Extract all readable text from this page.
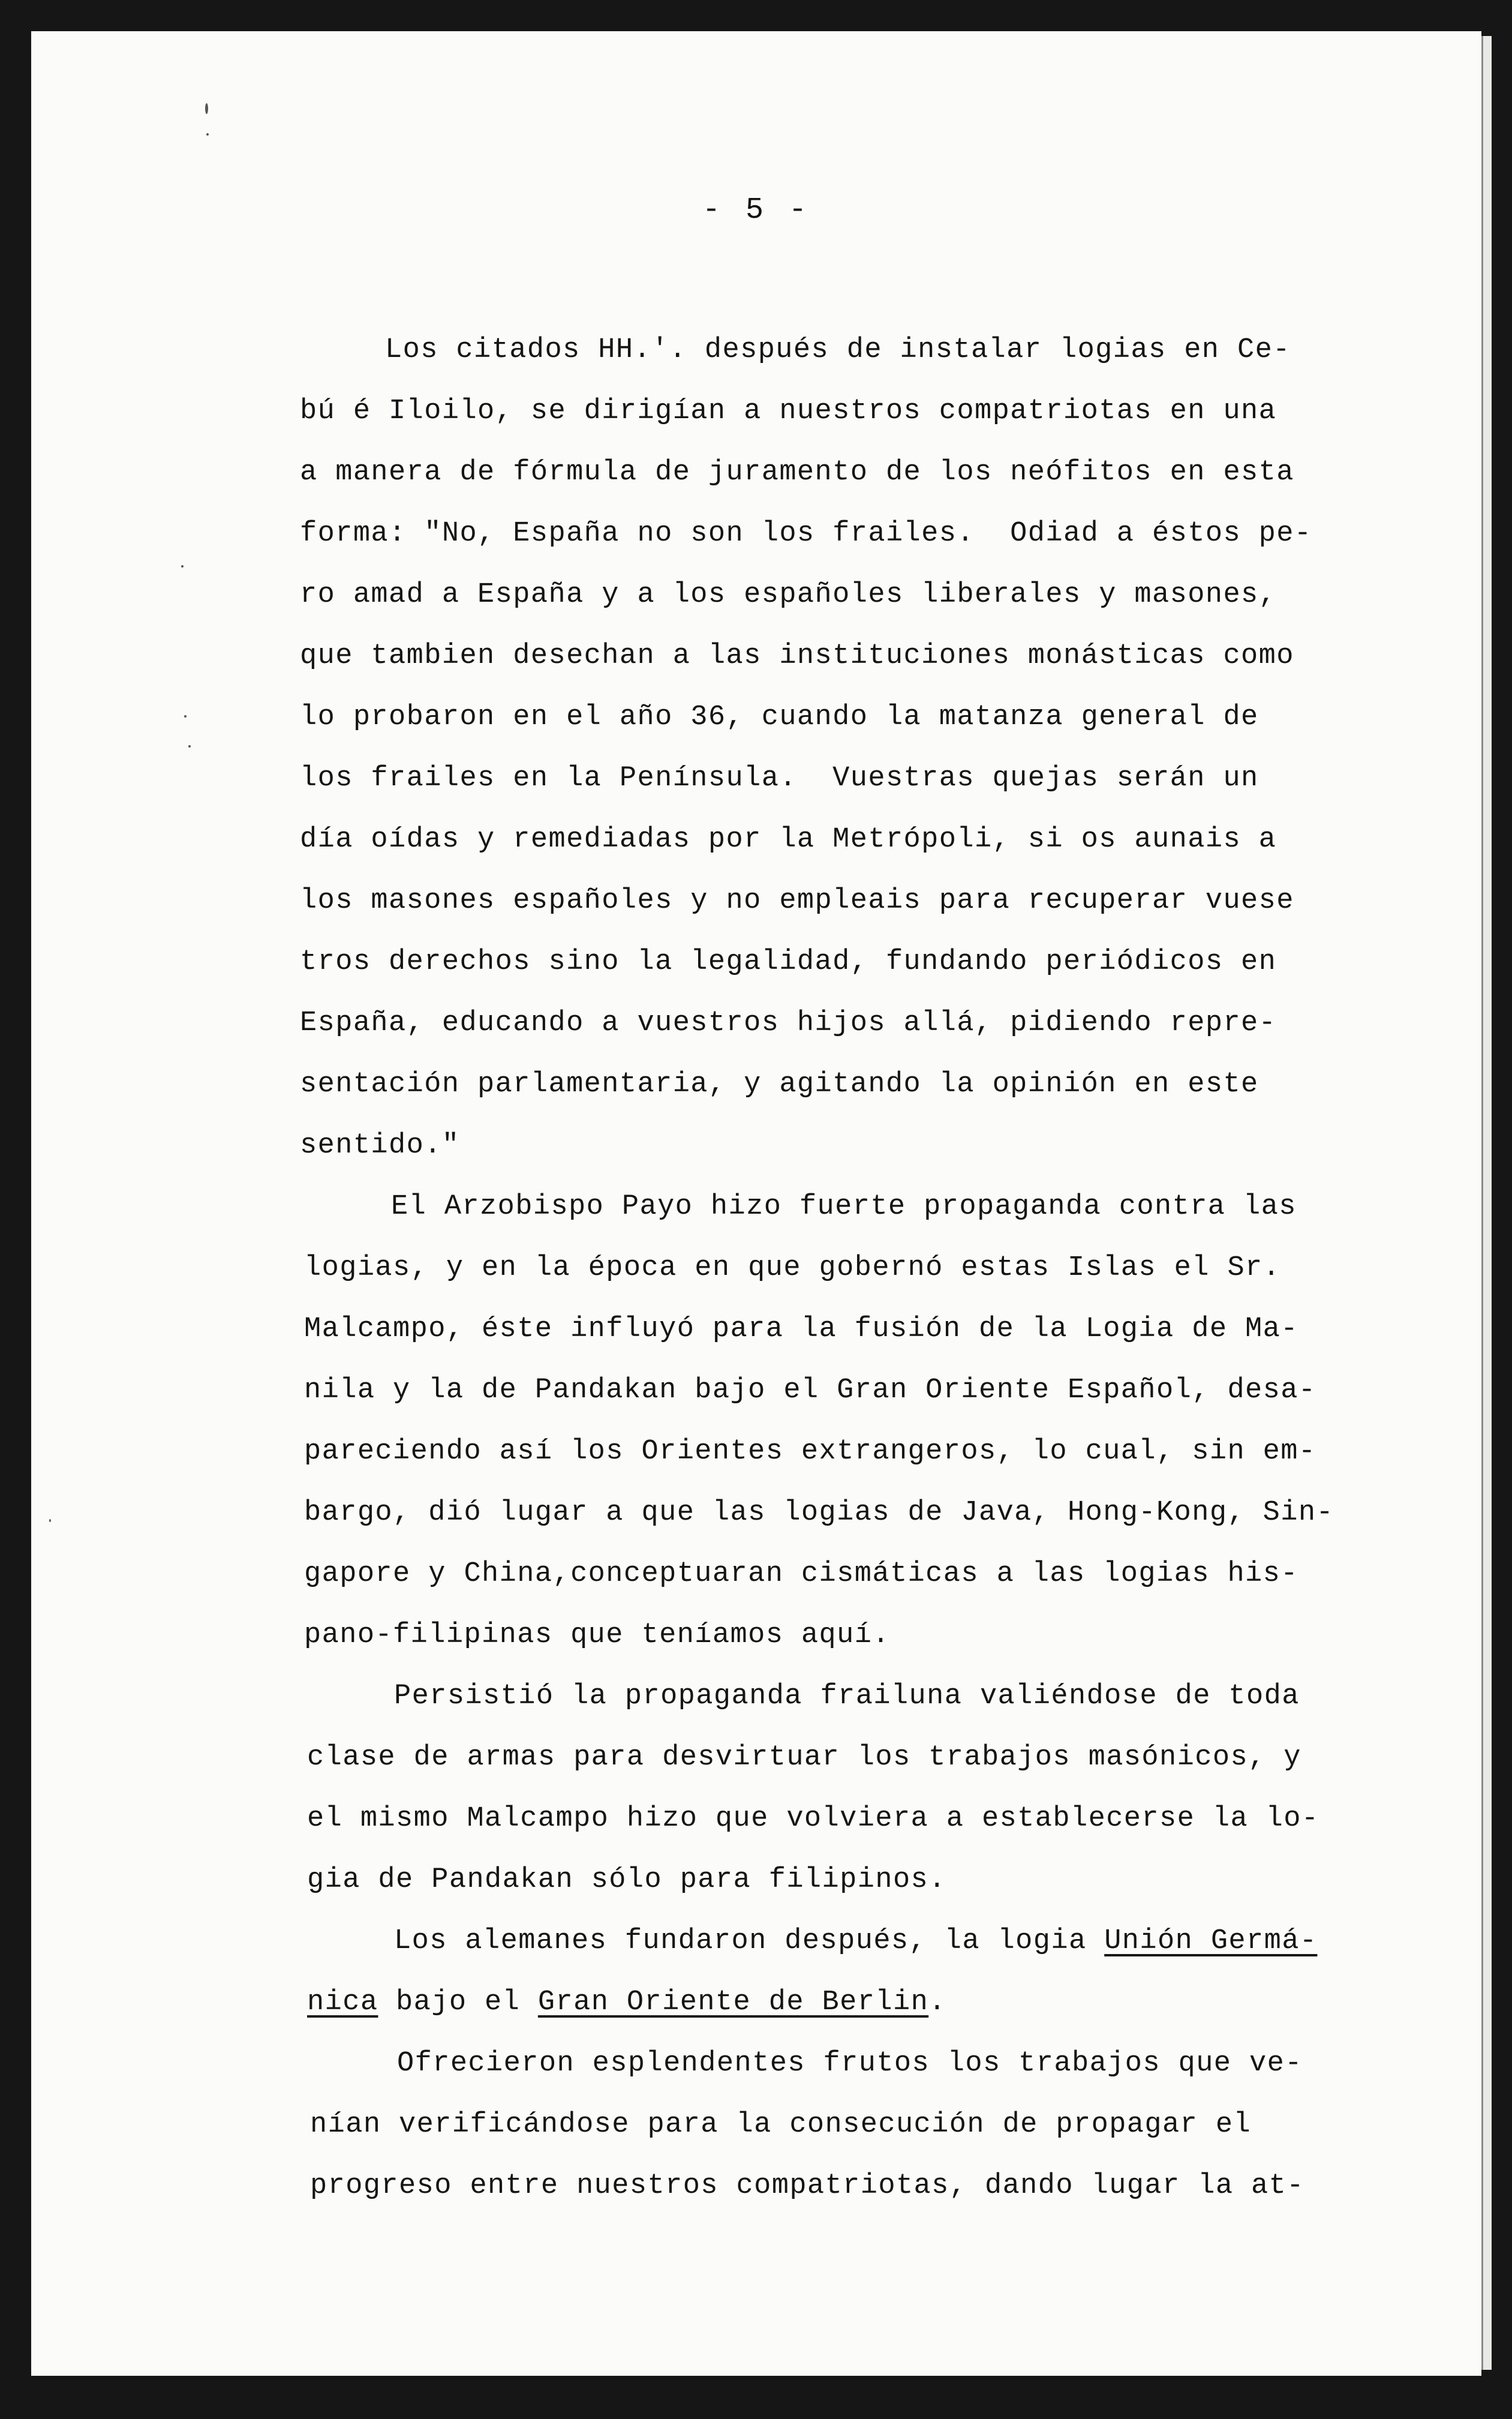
- 5 -
Los citados HH.'. después de instalar logias en Ce-
bú é Iloilo, se dirigían a nuestros compatriotas en una
a manera de fórmula de juramento de los neófitos en esta
forma: "No, España no son los frailes.  Odiad a éstos pe-
ro amad a España y a los españoles liberales y masones,
que tambien desechan a las instituciones monásticas como
lo probaron en el año 36, cuando la matanza general de
los frailes en la Península.  Vuestras quejas serán un
día oídas y remediadas por la Metrópoli, si os aunais a
los masones españoles y no empleais para recuperar vuese
tros derechos sino la legalidad, fundando periódicos en
España, educando a vuestros hijos allá, pidiendo repre-
sentación parlamentaria, y agitando la opinión en este
sentido."
El Arzobispo Payo hizo fuerte propaganda contra las
logias, y en la época en que gobernó estas Islas el Sr.
Malcampo, éste influyó para la fusión de la Logia de Ma-
nila y la de Pandakan bajo el Gran Oriente Español, desa-
pareciendo así los Orientes extrangeros, lo cual, sin em-
bargo, dió lugar a que las logias de Java, Hong-Kong, Sin-
gapore y China,conceptuaran cismáticas a las logias his-
pano-filipinas que teníamos aquí.
Persistió la propaganda frailuna valiéndose de toda
clase de armas para desvirtuar los trabajos masónicos, y
el mismo Malcampo hizo que volviera a establecerse la lo-
gia de Pandakan sólo para filipinos.
Los alemanes fundaron después, la logia Unión Germá-
nica bajo el Gran Oriente de Berlin.
Ofrecieron esplendentes frutos los trabajos que ve-
nían verificándose para la consecución de propagar el
progreso entre nuestros compatriotas, dando lugar la at-
